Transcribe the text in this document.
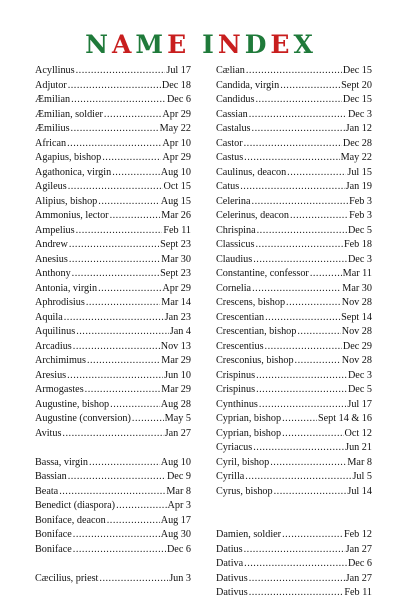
NAME INDEX
Acyllinus .....	Jul 17
Adjutor .....	Dec 18
Æmilian .....	Dec 6
Æmilian, soldier .....	Apr 29
Æmilius .....	May 22
African .....	Apr 10
Agapius, bishop .....	Apr 29
Agathonica, virgin .....	Aug 10
Agileus .....	Oct 15
Alipius, bishop .....	Aug 15
Ammonius, lector .....	Mar 26
Ampelius .....	Feb 11
Andrew .....	Sept 23
Anesius .....	Mar 30
Anthony .....	Sept 23
Antonia, virgin .....	Apr 29
Aphrodisius .....	Mar 14
Aquila .....	Jan 23
Aquilinus .....	Jan 4
Arcadius .....	Nov 13
Archimimus .....	Mar 29
Aresius .....	Jun 10
Armogastes .....	Mar 29
Augustine, bishop .....	Aug 28
Augustine (conversion) .....	May 5
Avitus .....	Jan 27
Bassa, virgin .....	Aug 10
Bassian .....	Dec 9
Beata .....	Mar 8
Benedict (diaspora) .....	Apr 3
Boniface, deacon .....	Aug 17
Boniface .....	Aug 30
Boniface .....	Dec 6
Cæcilius, priest .....	Jun 3
Cælian .....	Dec 15
Candida, virgin .....	Sept 20
Candidus .....	Dec 15
Cassian .....	Dec 3
Castalus .....	Jan 12
Castor .....	Dec 28
Castus .....	May 22
Caulinus, deacon .....	Jul 15
Catus .....	Jan 19
Celerina .....	Feb 3
Celerinus, deacon .....	Feb 3
Chrispina .....	Dec 5
Classicus .....	Feb 18
Claudius .....	Dec 3
Constantine, confessor .....	Mar 11
Cornelia .....	Mar 30
Crescens, bishop .....	Nov 28
Crescentian .....	Sept 14
Crescentian, bishop .....	Nov 28
Crescentius .....	Dec 29
Cresconius, bishop .....	Nov 28
Crispinus .....	Dec 3
Crispinus .....	Dec 5
Cynthinus .....	Jul 17
Cyprian, bishop .....	Sept 14 & 16
Cyprian, bishop .....	Oct 12
Cyriacus .....	Jun 21
Cyril, bishop .....	Mar 8
Cyrilla .....	Jul 5
Cyrus, bishop .....	Jul 14
Damien, soldier .....	Feb 12
Datius .....	Jan 27
Dativa .....	Dec 6
Dativus .....	Jan 27
Dativus .....	Feb 11
